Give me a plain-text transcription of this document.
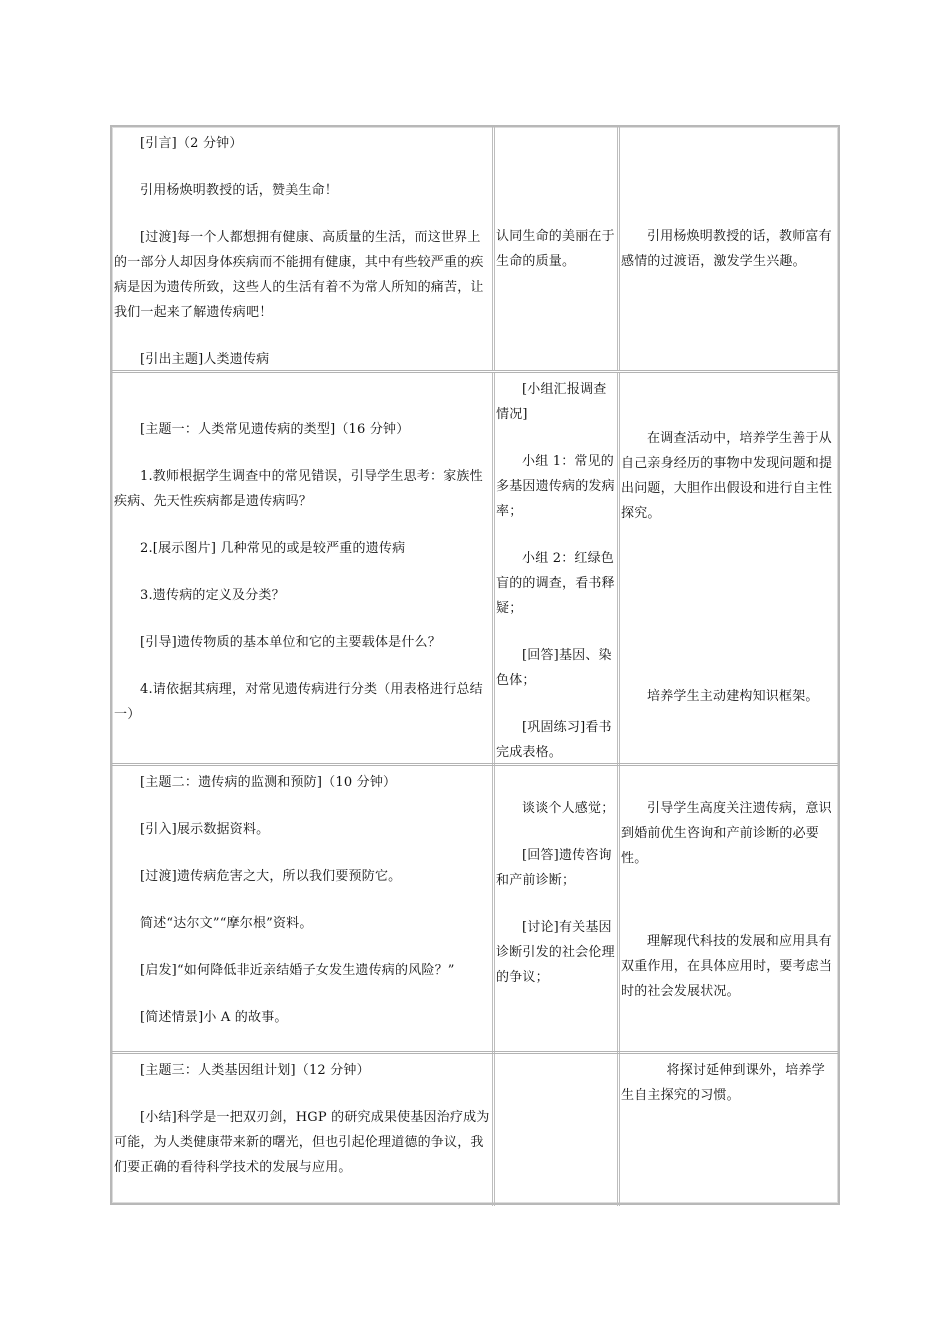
[引言]（2 分钟）

引用杨焕明教授的话，赞美生命！

[过渡]每一个人都想拥有健康、高质量的生活，而这世界上的一部分人却因身体疾病而不能拥有健康，其中有些较严重的疾病是因为遗传所致，这些人的生活有着不为常人所知的痛苦，让我们一起来了解遗传病吧！

[引出主题]人类遗传病

认同生命的美丽在于生命的质量。

引用杨焕明教授的话，教师富有感情的过渡语，激发学生兴趣。

[主题一：人类常见遗传病的类型]（16 分钟）

1.教师根据学生调查中的常见错误，引导学生思考：家族性疾病、先天性疾病都是遗传病吗？

2.[展示图片] 几种常见的或是较严重的遗传病

3.遗传病的定义及分类？

[引导]遗传物质的基本单位和它的主要载体是什么？

4.请依据其病理，对常见遗传病进行分类（用表格进行总结一）

[小组汇报调查情况]

小组 1：常见的多基因遗传病的发病率；

小组 2：红绿色盲的的调查，看书释疑；

[回答]基因、染色体；

[巩固练习]看书完成表格。

在调查活动中，培养学生善于从自己亲身经历的事物中发现问题和提出问题，大胆作出假设和进行自主性探究。

培养学生主动建构知识框架。

[主题二：遗传病的监测和预防]（10 分钟）

[引入]展示数据资料。

[过渡]遗传病危害之大，所以我们要预防它。

简述“达尔文”“摩尔根”资料。

[启发]“如何降低非近亲结婚子女发生遗传病的风险？”

[简述情景]小 A 的故事。

谈谈个人感觉；

[回答]遗传咨询和产前诊断；

[讨论]有关基因诊断引发的社会伦理的争议；

引导学生高度关注遗传病，意识到婚前优生咨询和产前诊断的必要性。

理解现代科技的发展和应用具有双重作用，在具体应用时，要考虑当时的社会发展状况。

[主题三：人类基因组计划]（12 分钟）

[小结]科学是一把双刃剑，HGP 的研究成果使基因治疗成为可能，为人类健康带来新的曙光，但也引起伦理道德的争议，我们要正确的看待科学技术的发展与应用。

将探讨延伸到课外，培养学生自主探究的习惯。
